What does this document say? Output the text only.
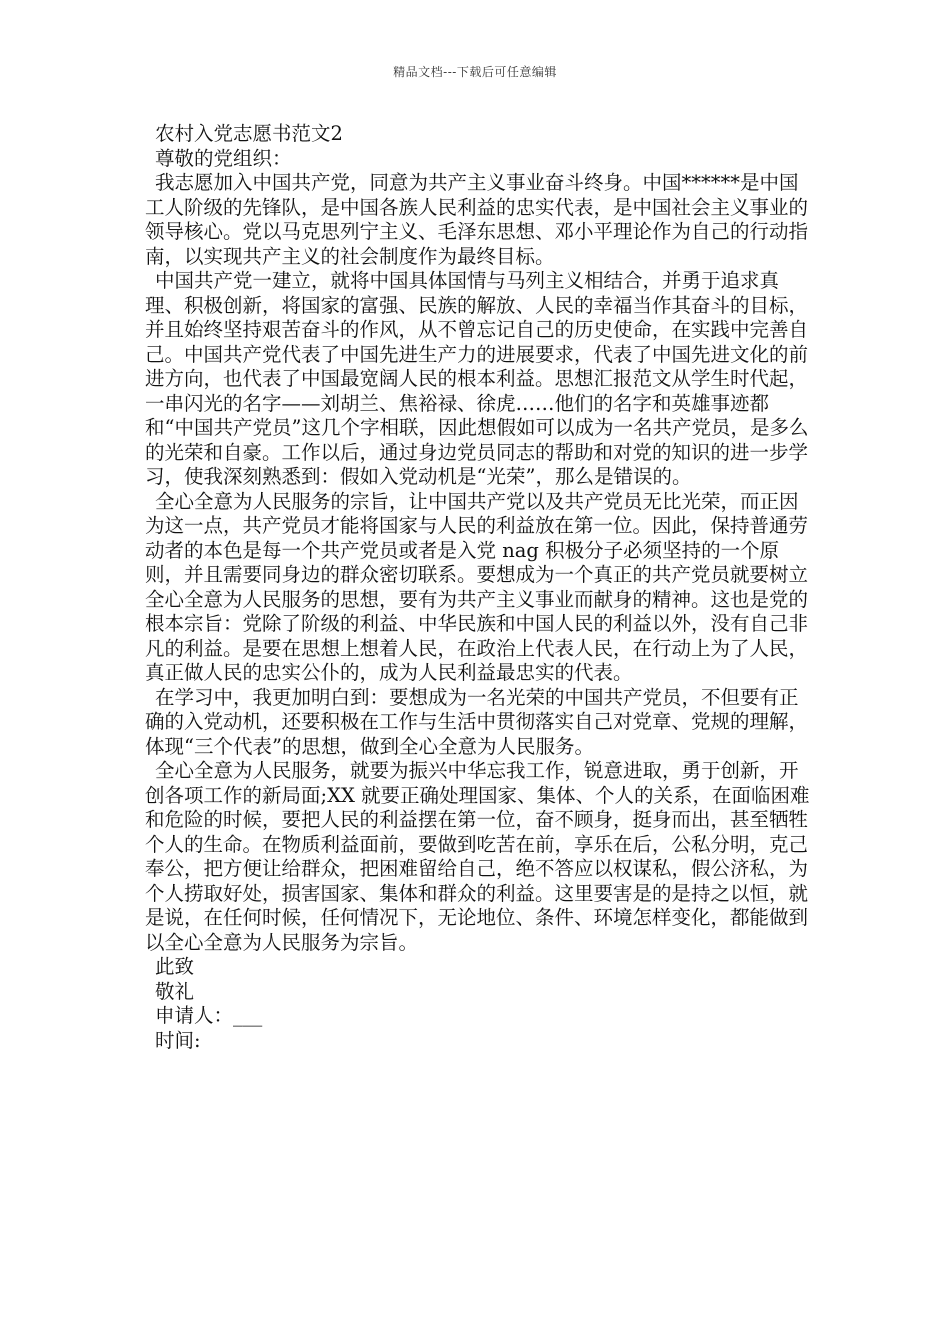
精品文档---下载后可任意编辑
农村入党志愿书范文2
尊敬的党组织：
我志愿加入中国共产党，同意为共产主义事业奋斗终身。中国******是中国工人阶级的先锋队，是中国各族人民利益的忠实代表，是中国社会主义事业的领导核心。党以马克思列宁主义、毛泽东思想、邓小平理论作为自己的行动指南，以实现共产主义的社会制度作为最终目标。
中国共产党一建立，就将中国具体国情与马列主义相结合，并勇于追求真理、积极创新，将国家的富强、民族的解放、人民的幸福当作其奋斗的目标，并且始终坚持艰苦奋斗的作风，从不曾忘记自己的历史使命，在实践中完善自己。中国共产党代表了中国先进生产力的进展要求，代表了中国先进文化的前进方向，也代表了中国最宽阔人民的根本利益。思想汇报范文从学生时代起，一串闪光的名字——刘胡兰、焦裕禄、徐虎……他们的名字和英雄事迹都和“中国共产党员”这几个字相联，因此想假如可以成为一名共产党员，是多么的光荣和自豪。工作以后，通过身边党员同志的帮助和对党的知识的进一步学习，使我深刻熟悉到：假如入党动机是“光荣”，那么是错误的。
全心全意为人民服务的宗旨，让中国共产党以及共产党员无比光荣，而正因为这一点，共产党员才能将国家与人民的利益放在第一位。因此，保持普通劳动者的本色是每一个共产党员或者是入党 nag 积极分子必须坚持的一个原则，并且需要同身边的群众密切联系。要想成为一个真正的共产党员就要树立全心全意为人民服务的思想，要有为共产主义事业而献身的精神。这也是党的根本宗旨：党除了阶级的利益、中华民族和中国人民的利益以外，没有自己非凡的利益。是要在思想上想着人民，在政治上代表人民，在行动上为了人民，真正做人民的忠实公仆的，成为人民利益最忠实的代表。
在学习中，我更加明白到：要想成为一名光荣的中国共产党员，不但要有正确的入党动机，还要积极在工作与生活中贯彻落实自己对党章、党规的理解，体现“三个代表”的思想，做到全心全意为人民服务。
全心全意为人民服务，就要为振兴中华忘我工作，锐意进取，勇于创新，开创各项工作的新局面;XX 就要正确处理国家、集体、个人的关系，在面临困难和危险的时候，要把人民的利益摆在第一位，奋不顾身，挺身而出，甚至牺牲个人的生命。在物质利益面前，要做到吃苦在前，享乐在后，公私分明，克己奉公，把方便让给群众，把困难留给自己，绝不答应以权谋私，假公济私，为个人捞取好处，损害国家、集体和群众的利益。这里要害是的是持之以恒，就是说，在任何时候，任何情况下，无论地位、条件、环境怎样变化，都能做到以全心全意为人民服务为宗旨。
此致
敬礼
申请人：___
时间:
